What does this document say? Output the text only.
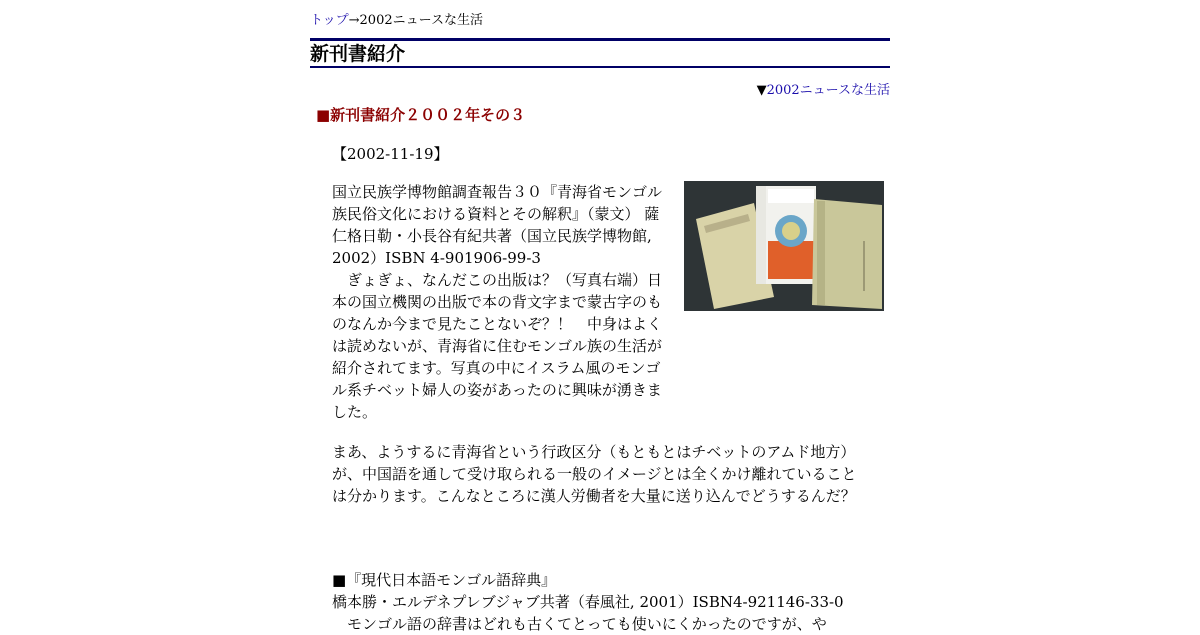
トップ→2002ニュースな生活
新刊書紹介
▼2002ニュースな生活
■新刊書紹介２００２年その３
【2002-11-19】
国立民族学博物館調査報告３０『青海省モンゴル族民俗文化における資料とその解釈』（蒙文） 薩仁格日勒・小長谷有紀共著（国立民族学博物館, 2002）ISBN 4-901906-99-3
　ぎょぎょ、なんだこの出版は？（写真右端）日本の国立機関の出版で本の背文字まで蒙古字のものなんか今まで見たことないぞ？！　中身はよくは読めないが、青海省に住むモンゴル族の生活が紹介されてます。写真の中にイスラム風のモンゴル系チベット婦人の姿があったのに興味が湧きました。
まあ、ようするに青海省という行政区分（もともとはチベットのアムド地方）が、中国語を通して受け取られる一般のイメージとは全くかけ離れていることは分かります。こんなところに漢人労働者を大量に送り込んでどうするんだ？
■『現代日本語モンゴル語辞典』
橋本勝・エルデネプレブジャブ共著（春風社, 2001）ISBN4-921146-33-0
　モンゴル語の辞書はどれも古くてとっても使いにくかったのですが、や
